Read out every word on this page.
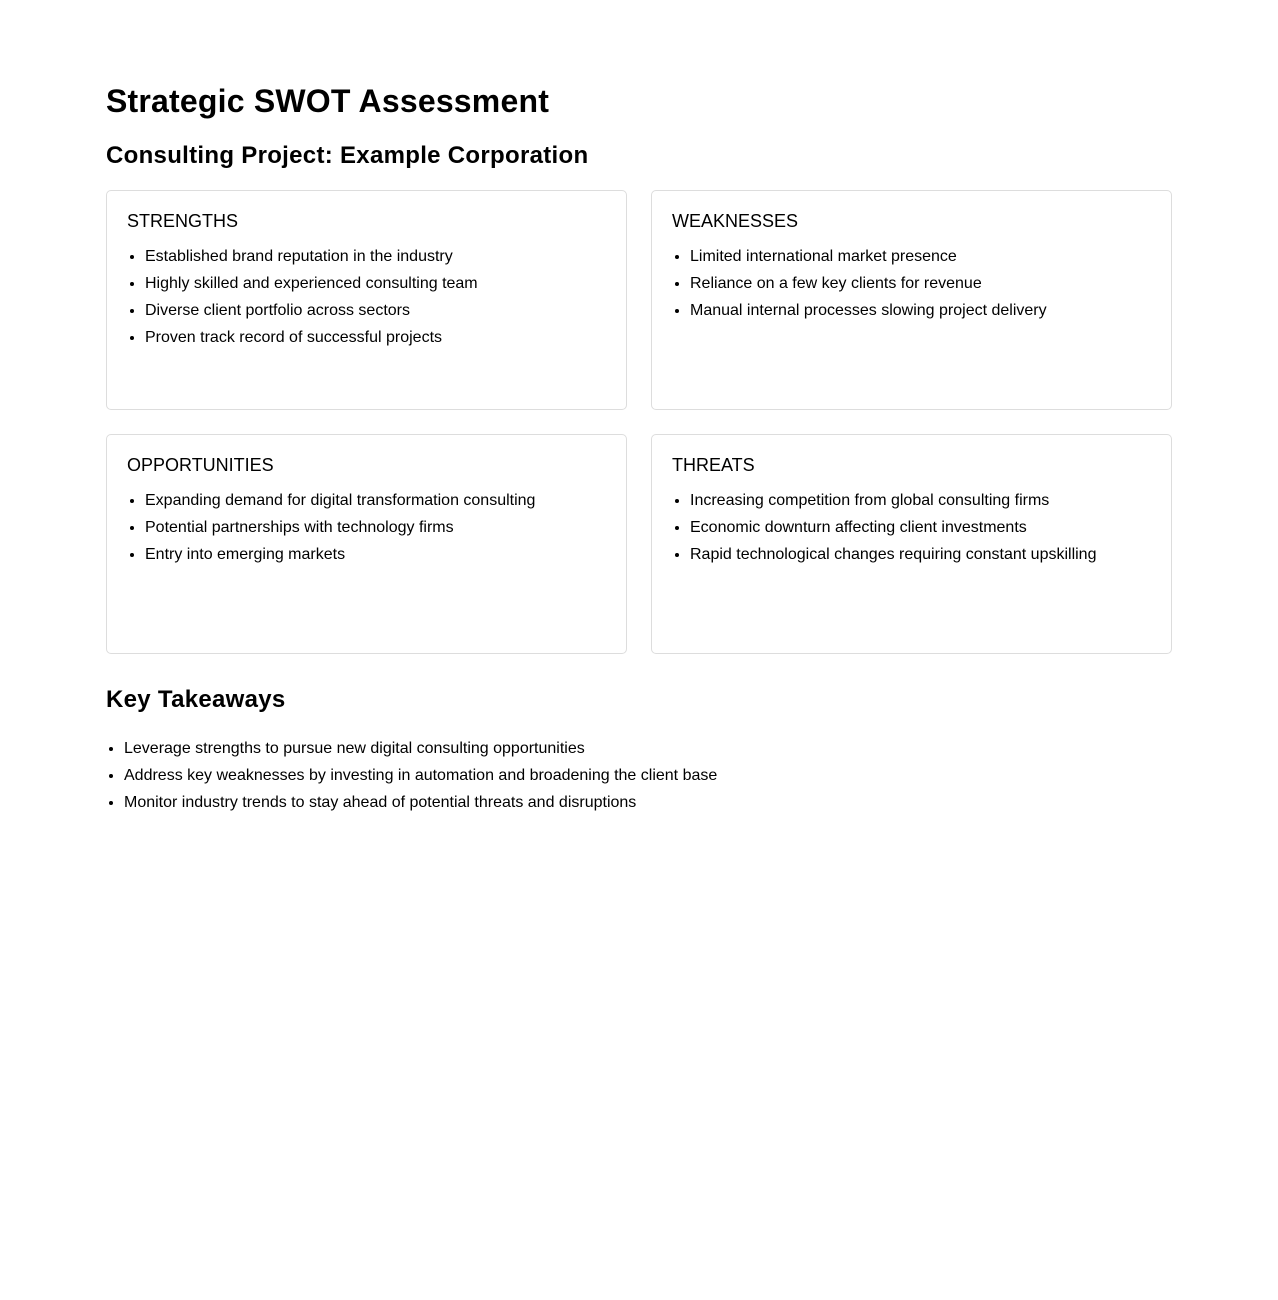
Strategic SWOT Assessment
Consulting Project: Example Corporation
STRENGTHS
• Established brand reputation in the industry
• Highly skilled and experienced consulting team
• Diverse client portfolio across sectors
• Proven track record of successful projects
WEAKNESSES
• Limited international market presence
• Reliance on a few key clients for revenue
• Manual internal processes slowing project delivery
OPPORTUNITIES
• Expanding demand for digital transformation consulting
• Potential partnerships with technology firms
• Entry into emerging markets
THREATS
• Increasing competition from global consulting firms
• Economic downturn affecting client investments
• Rapid technological changes requiring constant upskilling
Key Takeaways
• Leverage strengths to pursue new digital consulting opportunities
• Address key weaknesses by investing in automation and broadening the client base
• Monitor industry trends to stay ahead of potential threats and disruptions
